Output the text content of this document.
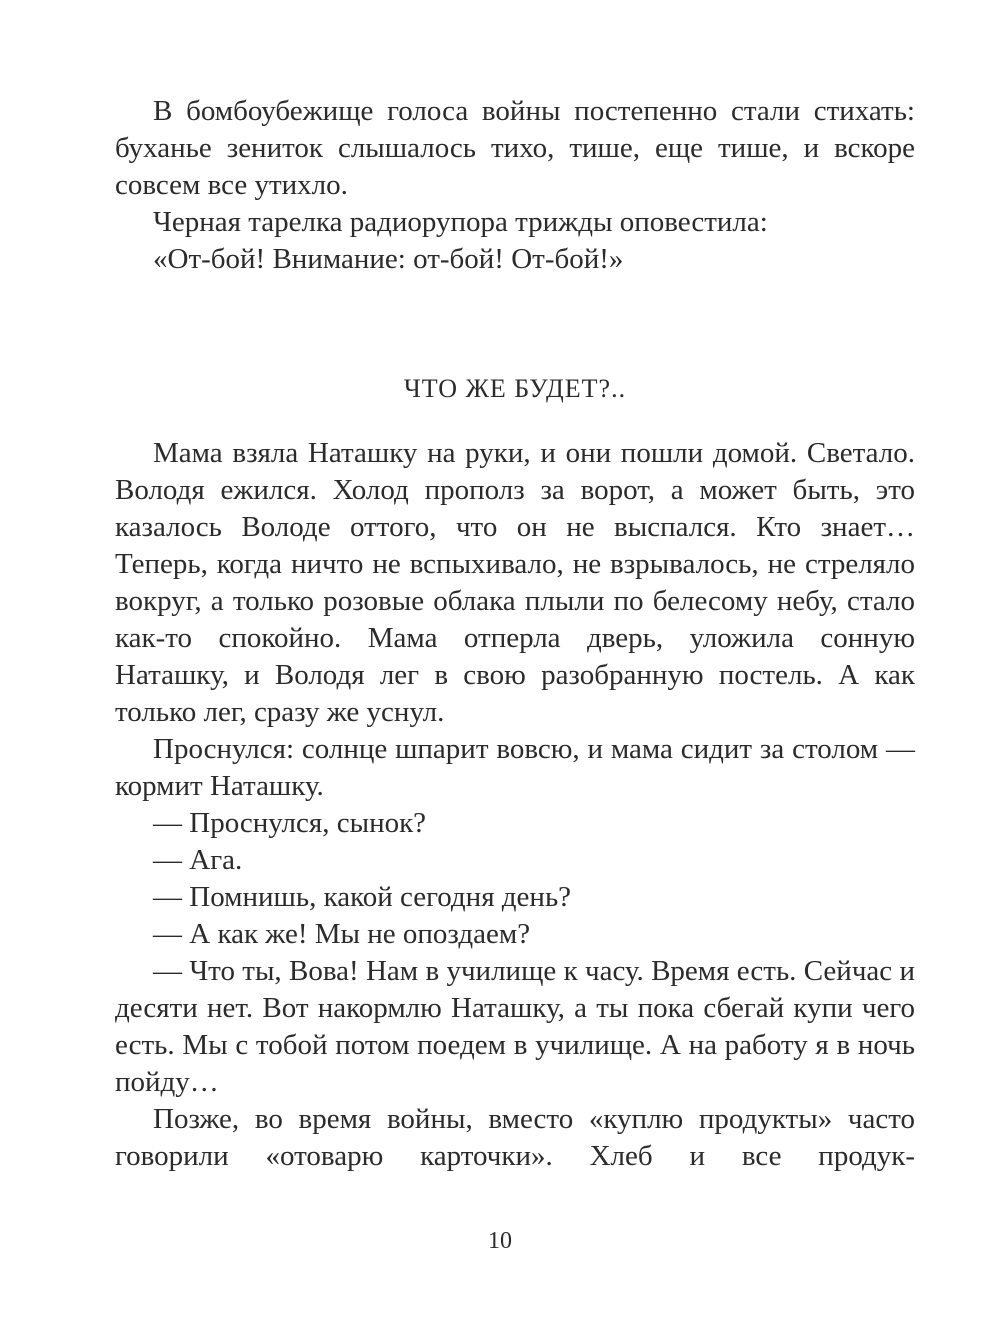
В бомбоубежище голоса войны постепенно стали стихать: буханье зениток слышалось тихо, тише, еще тише, и вскоре совсем все утихло.

Черная тарелка радиорупора трижды оповестила:

«От-бой! Внимание: от-бой! От-бой!»

ЧТО ЖЕ БУДЕТ?..

Мама взяла Наташку на руки, и они пошли домой. Светало. Володя ежился. Холод прополз за ворот, а может быть, это казалось Володе оттого, что он не выспался. Кто знает… Теперь, когда ничто не вспыхивало, не взрывалось, не стреляло вокруг, а только розовые облака плыли по белесому небу, стало как-то спокойно. Мама отперла дверь, уложила сонную Наташку, и Володя лег в свою разобранную постель. А как только лег, сразу же уснул.

Проснулся: солнце шпарит вовсю, и мама сидит за столом — кормит Наташку.

— Проснулся, сынок?

— Ага.

— Помнишь, какой сегодня день?

— А как же! Мы не опоздаем?

— Что ты, Вова! Нам в училище к часу. Время есть. Сейчас и десяти нет. Вот накормлю Наташку, а ты пока сбегай купи чего есть. Мы с тобой потом поедем в училище. А на работу я в ночь пойду…

Позже, во время войны, вместо «куплю продукты» часто говорили «отоварю карточки». Хлеб и все продук-

10
